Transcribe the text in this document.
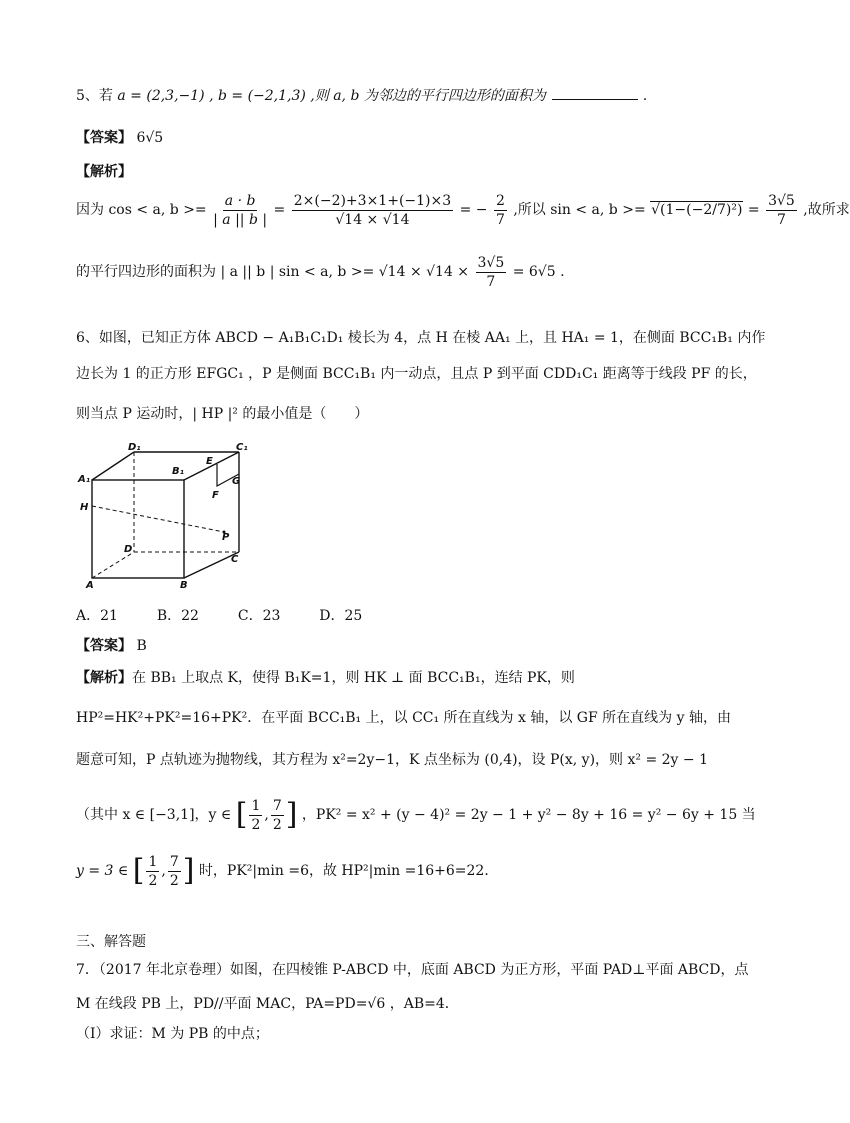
5、若 a = (2,3,−1) , b = (−2,1,3) ,则 a, b 为邻边的平行四边形的面积为	.
【答案】 6√5
【解析】
因为 cos < a, $b >= \frac{a \cdot b}{| a || b |} = \frac{2\times(-2)+3\times 1+(-1)\times 3}{√14 \times √14}$ = − $\frac{2}{7}$ ,所以 sin < a, $b >= √(1-(-2/7)^2) = \frac{3√5}{7}$ ,故所求
的平行四边形的面积为 | a || b | sin < a, $b >= √14 \times √14 \times \frac{3√5}{7} = 6√5$ .
6、如图，已知正方体 ABCD − A₁B₁C₁D₁ 棱长为 4，点 H 在棱 AA₁ 上，且 HA₁ = 1，在侧面 BCC₁B₁ 内作
边长为 1 的正方形 EFGC₁ ，P 是侧面 BCC₁B₁ 内一动点，且点 P 到平面 CDD₁C₁ 距离等于线段 PF 的长，
则当点 P 运动时，| HP |² 的最小值是（　　）
D₁	C₁
A₁
B₁
E
G
F
H
P
D
C
A	B
A．21	B．22	C．23	D．25
【答案】 B
【解析】在 BB₁ 上取点 K，使得 B₁K=1，则 HK ⊥ 面 BCC₁B₁，连结 PK，则
HP²=HK²+PK²=16+PK²．在平面 BCC₁B₁ 上，以 CC₁ 所在直线为 x 轴，以 GF 所在直线为 y 轴，由
题意可知，P 点轨迹为抛物线，其方程为 x²=2y−1，K 点坐标为 (0,4)，设 P(x, y)，则 x² = 2y − 1
（其中 x ∈ [−3,1]，y ∈ [ $\frac{1}{2}$ , $\frac{7}{2}$ ] ，PK² = x² + (y − 4)² = 2y − 1 + y² − 8y + 16 = y² − 6y + 15 当
y = 3 ∈ [ $\frac{1}{2}$ , $\frac{7}{2}$ ] 时，PK²|min =6，故 HP²|min =16+6=22．
三、解答题
7．（2017 年北京卷理）如图，在四棱锥 P-ABCD 中，底面 ABCD 为正方形，平面 PAD⊥平面 ABCD，点
M 在线段 PB 上，PD//平面 MAC，PA=PD=√6 ，AB=4．
（I）求证：M 为 PB 的中点；
